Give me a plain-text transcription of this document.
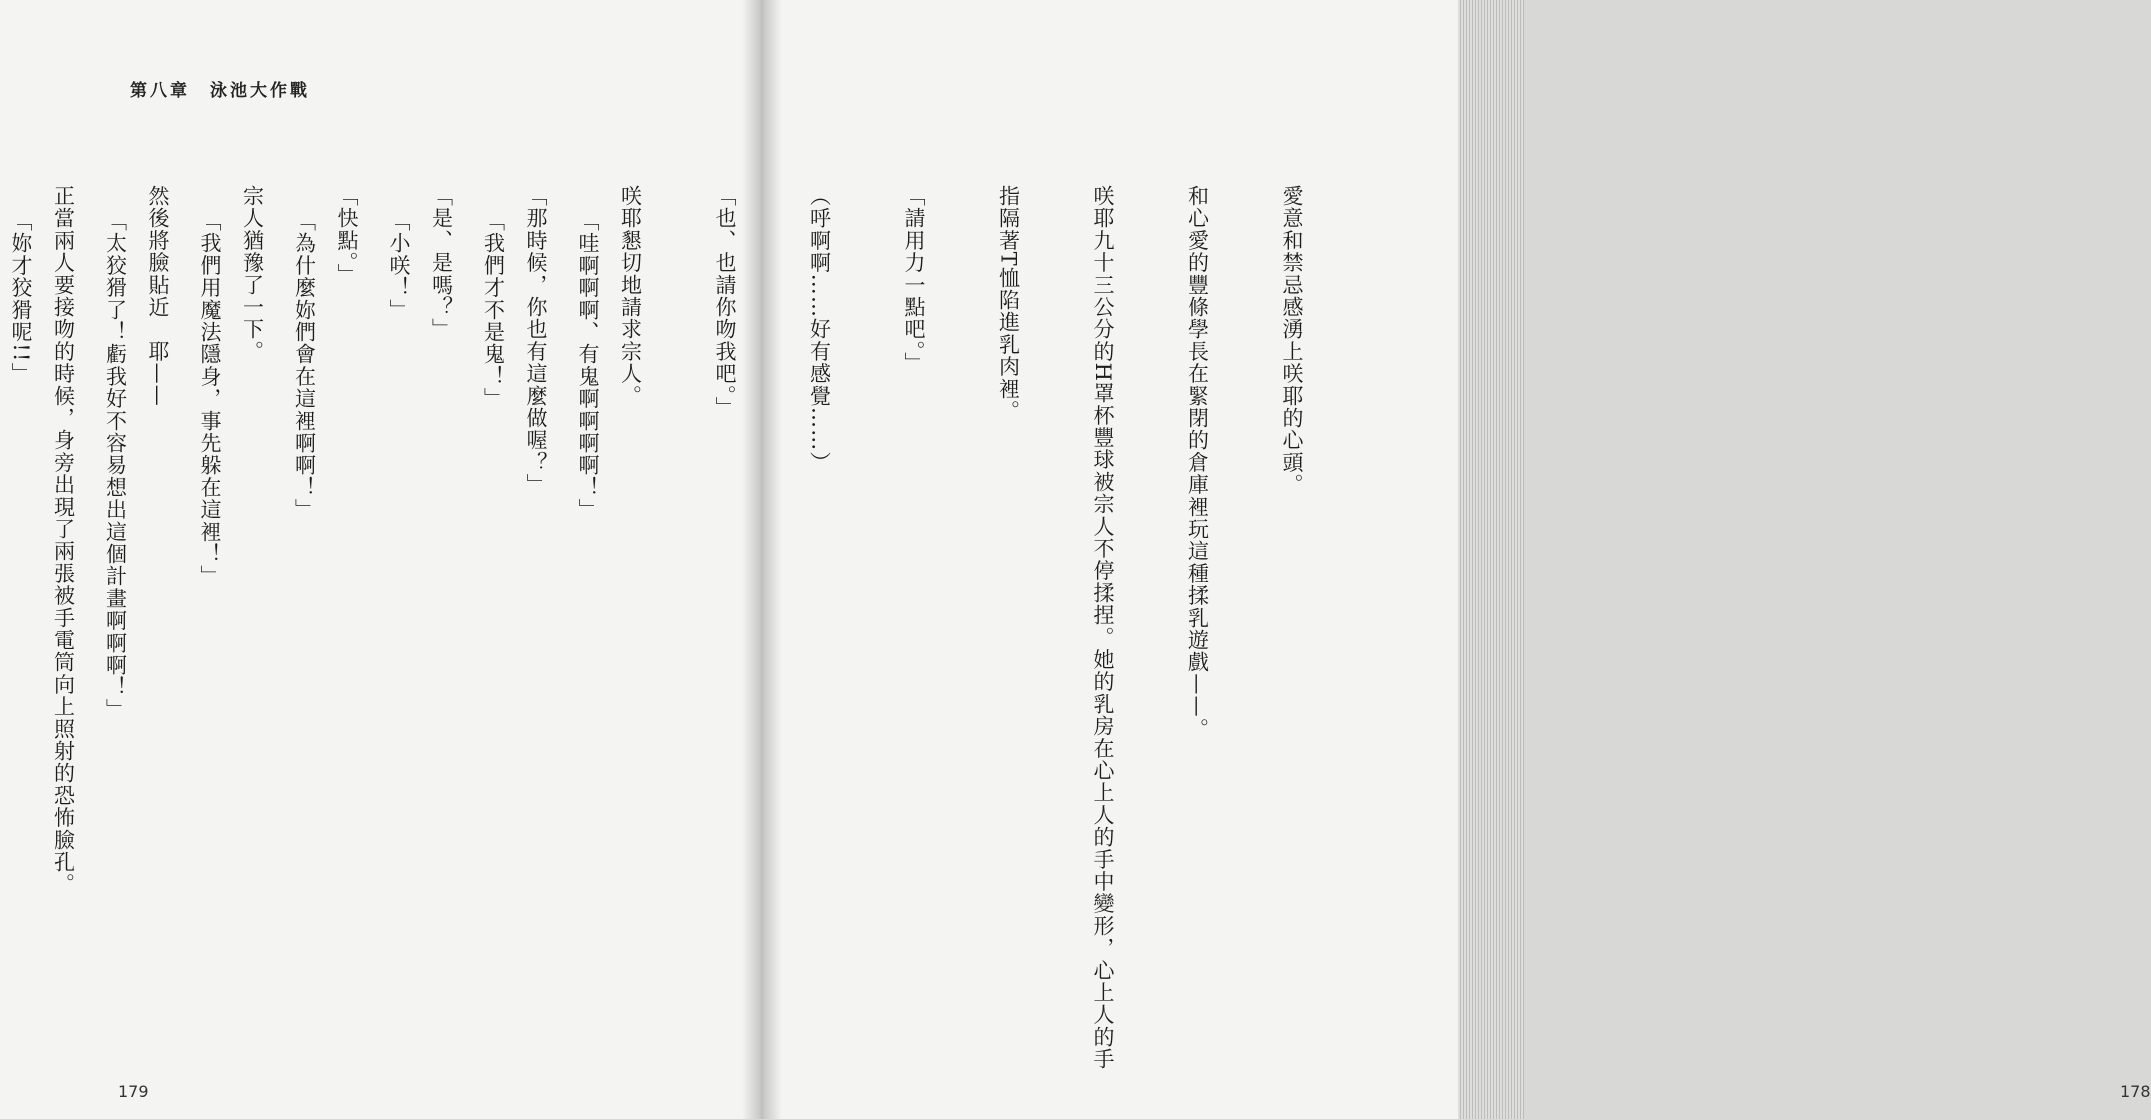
第八章　泳池大作戰

「哇啊啊啊、有鬼啊啊啊啊！」

「我們才不是鬼！」

「小咲！」

「為什麼妳們會在這裡啊啊！」

「我們用魔法隱身，事先躲在這裡！」

「太狡猾了！虧我好不容易想出這個計畫啊啊啊！」

「妳才狡猾呢!!」

179

愛意和禁忌感湧上咲耶的心頭。

和心愛的豐條學長在緊閉的倉庫裡玩這種揉乳遊戲——。

咲耶九十三公分的H罩杯豐球被宗人不停揉捏。她的乳房在心上人的手中變形，心上人的手

指隔著T恤陷進乳肉裡。

「請用力一點吧。」

（呼啊啊……好有感覺……）

「也、也請你吻我吧。」

咲耶懇切地請求宗人。

「那時候，你也有這麼做喔？」

「是、是嗎？」

「快點。」

宗人猶豫了一下。

然後將臉貼近　耶——

正當兩人要接吻的時候，身旁出現了兩張被手電筒向上照射的恐怖臉孔。

178
